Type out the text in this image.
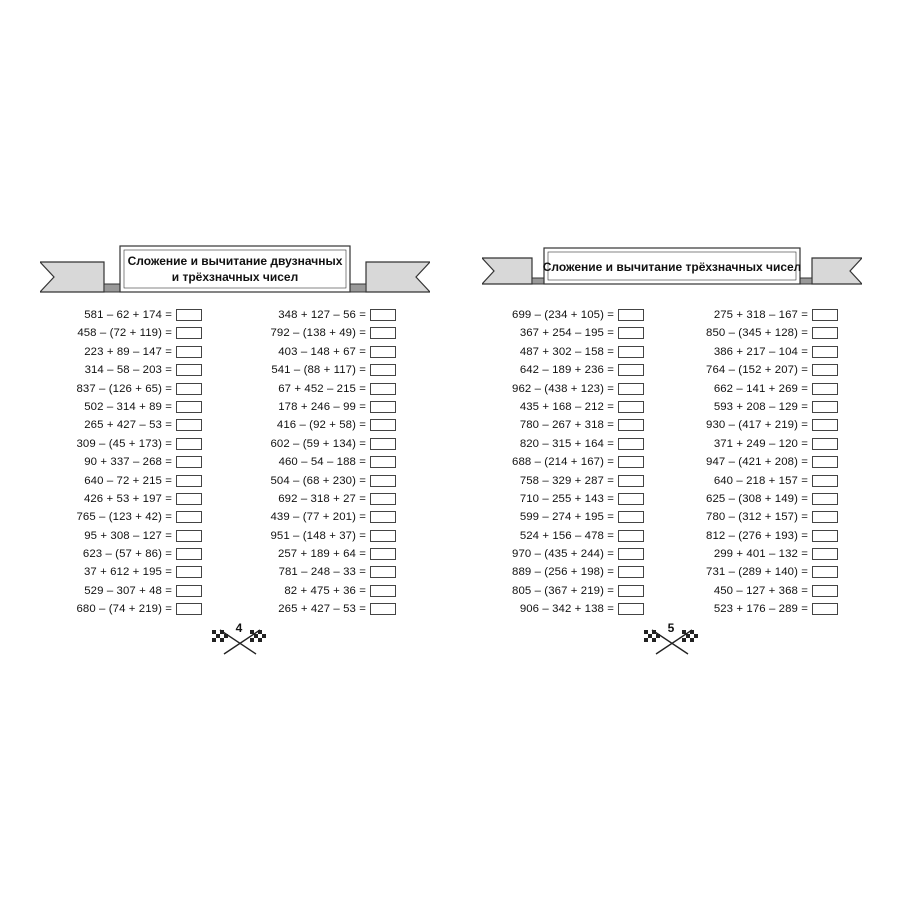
Сложение и вычитание двузначных
и трёхзначных чисел
581 – 62 + 174 =
458 – (72 + 119) =
223 + 89 – 147 =
314 – 58 – 203 =
837 – (126 + 65) =
502 – 314 + 89 =
265 + 427 – 53 =
309 – (45 + 173) =
90 + 337 – 268 =
640 – 72 + 215 =
426 + 53 + 197 =
765 – (123 + 42) =
95 + 308 – 127 =
623 – (57 + 86) =
37 + 612 + 195 =
529 – 307 + 48 =
680 – (74 + 219) =
348 + 127 – 56 =
792 – (138 + 49) =
403 – 148 + 67 =
541 – (88 + 117) =
67 + 452 – 215 =
178 + 246 – 99 =
416 – (92 + 58) =
602 – (59 + 134) =
460 – 54 – 188 =
504 – (68 + 230) =
692 – 318 + 27 =
439 – (77 + 201) =
951 – (148 + 37) =
257 + 189 + 64 =
781 – 248 – 33 =
82 + 475 + 36 =
265 + 427 – 53 =
4
Сложение и вычитание трёхзначных чисел
699 – (234 + 105) =
367 + 254 – 195 =
487 + 302 – 158 =
642 – 189 + 236 =
962 – (438 + 123) =
435 + 168 – 212 =
780 – 267 + 318 =
820 – 315 + 164 =
688 – (214 + 167) =
758 – 329 + 287 =
710 – 255 + 143 =
599 – 274 + 195 =
524 + 156 – 478 =
970 – (435 + 244) =
889 – (256 + 198) =
805 – (367 + 219) =
906 – 342 + 138 =
275 + 318 – 167 =
850 – (345 + 128) =
386 + 217 – 104 =
764 – (152 + 207) =
662 – 141 + 269 =
593 + 208 – 129 =
930 – (417 + 219) =
371 + 249 – 120 =
947 – (421 + 208) =
640 – 218 + 157 =
625 – (308 + 149) =
780 – (312 + 157) =
812 – (276 + 193) =
299 + 401 – 132 =
731 – (289 + 140) =
450 – 127 + 368 =
523 + 176 – 289 =
5
